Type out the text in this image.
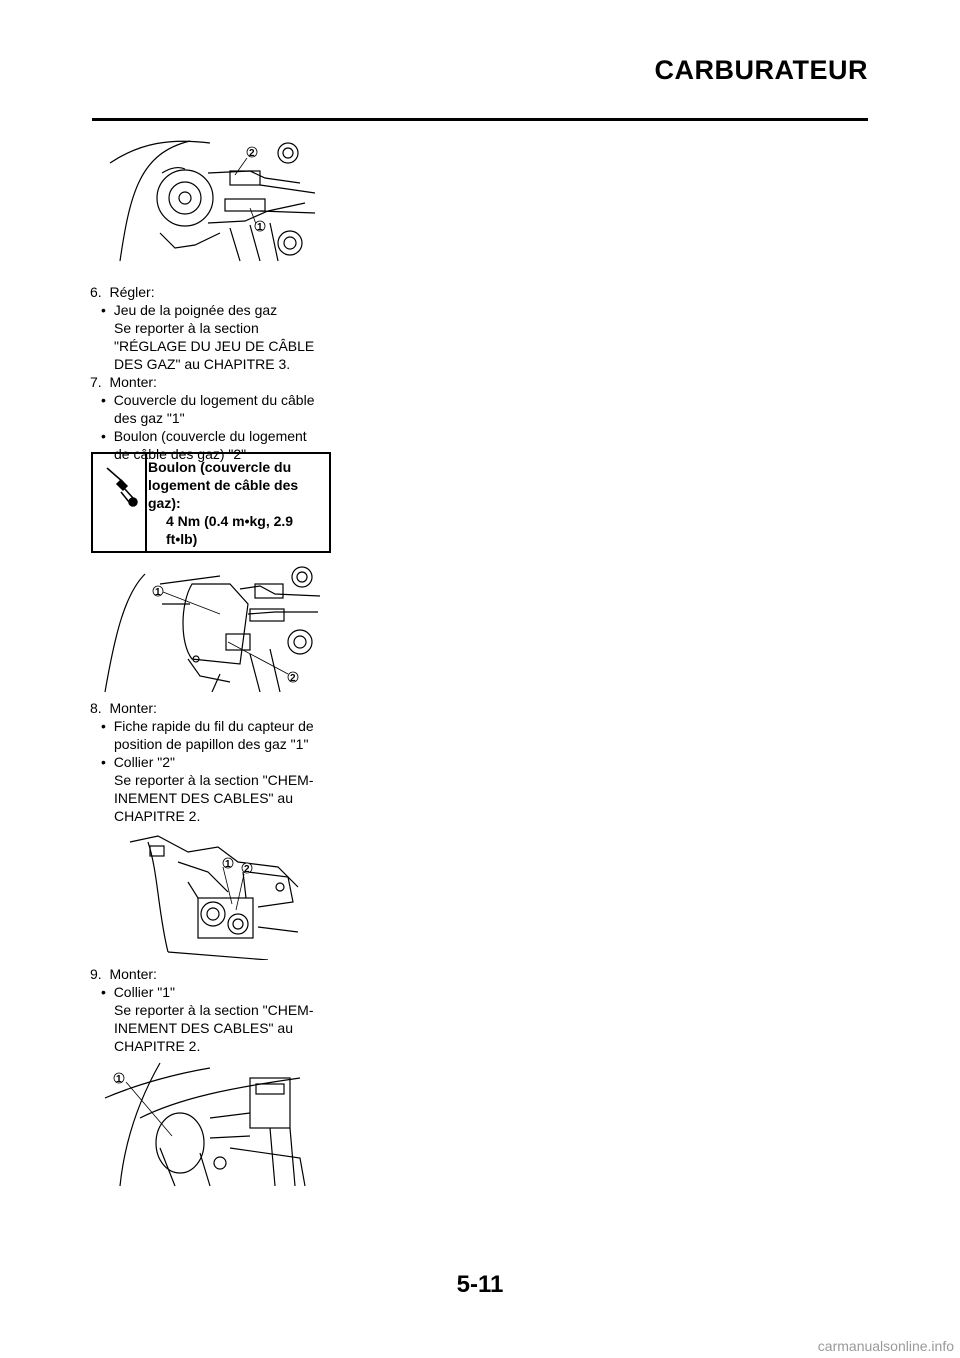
CARBURATEUR
2
1
6. Régler:
•  Jeu de la poignée des gaz
Se reporter à la section
"RÉGLAGE DU JEU DE CÂBLE
DES GAZ" au CHAPITRE 3.
7. Monter:
•  Couvercle du logement du câble
des gaz "1"
•  Boulon (couvercle du logement
de câble des gaz) "2"
Boulon (couvercle du
logement de câble des
gaz):
4 Nm (0.4 m•kg, 2.9
ft•lb)
1
2
8. Monter:
•  Fiche rapide du fil du capteur de
position de papillon des gaz "1"
•  Collier "2"
Se reporter à la section "CHEM-
INEMENT DES CABLES" au
CHAPITRE 2.
1 2
9. Monter:
•  Collier "1"
Se reporter à la section "CHEM-
INEMENT DES CABLES" au
CHAPITRE 2.
1
5-11
carmanualsonline.info
